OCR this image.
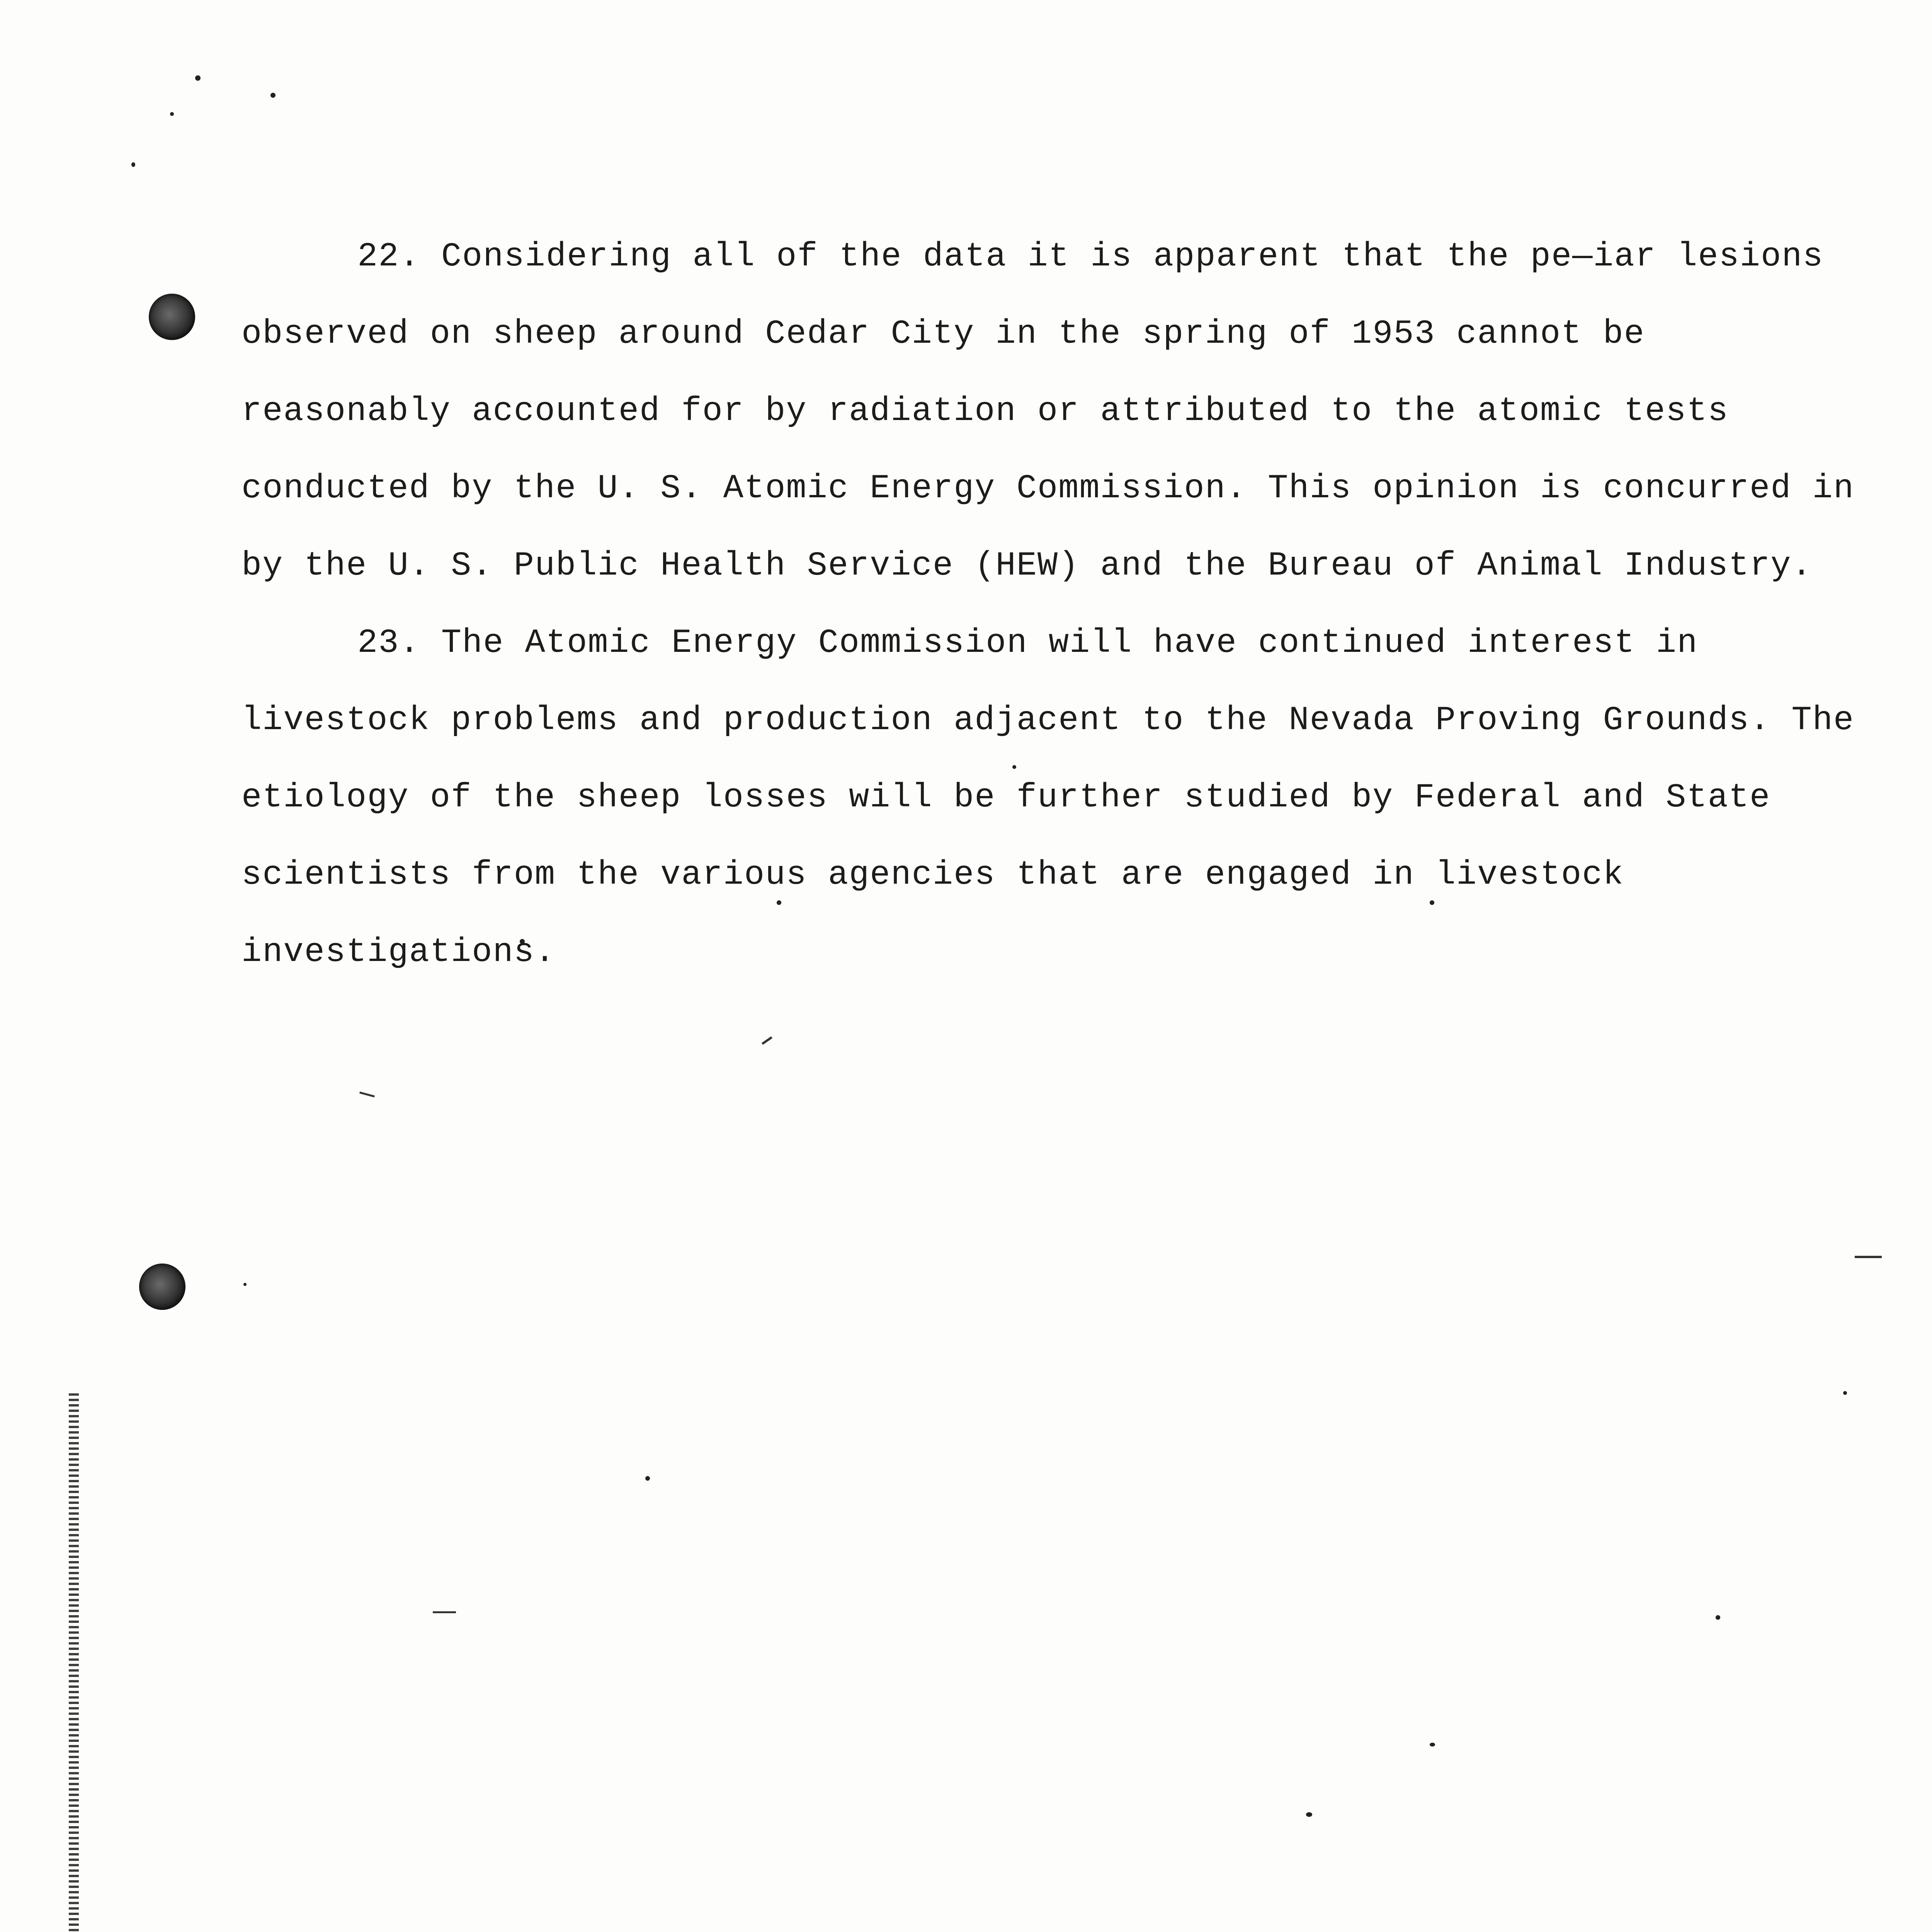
22. Considering all of the data it is apparent that the pe—iar lesions observed on sheep around Cedar City in the spring of 1953 cannot be reasonably accounted for by radiation or attributed to the atomic tests conducted by the U. S. Atomic Energy Commission. This opinion is concurred in by the U. S. Public Health Service (HEW) and the Bureau of Animal Industry.

23. The Atomic Energy Commission will have continued interest in livestock problems and production adjacent to the Nevada Proving Grounds. The etiology of the sheep losses will be further studied by Federal and State scientists from the various agencies that are engaged in livestock investigations.
